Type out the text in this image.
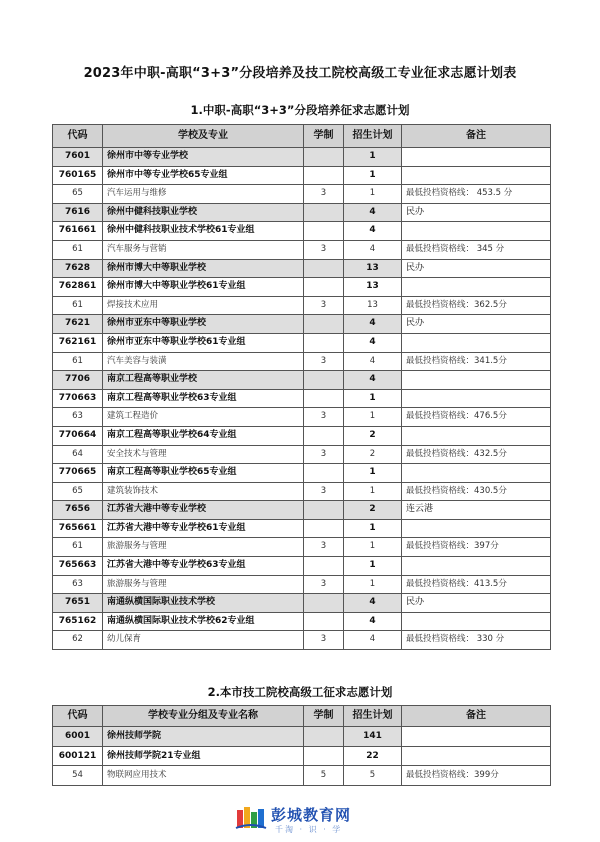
2023年中职-高职“3+3”分段培养及技工院校高级工专业征求志愿计划表
1.中职-高职“3+3”分段培养征求志愿计划
代码	学校及专业	学制	招生计划	备注
7601	徐州市中等专业学校		1	
760165	徐州市中等专业学校65专业组		1	
65	汽车运用与维修	3	1	最低投档资格线： 453.5 分
7616	徐州中健科技职业学校		4	民办
761661	徐州中健科技职业技术学校61专业组		4	
61	汽车服务与营销	3	4	最低投档资格线： 345 分
7628	徐州市博大中等职业学校		13	民办
762861	徐州市博大中等职业学校61专业组		13	
61	焊接技术应用	3	13	最低投档资格线：362.5分
7621	徐州市亚东中等职业学校		4	民办
762161	徐州市亚东中等职业学校61专业组		4	
61	汽车美容与装潢	3	4	最低投档资格线：341.5分
7706	南京工程高等职业学校		4	
770663	南京工程高等职业学校63专业组		1	
63	建筑工程造价	3	1	最低投档资格线：476.5分
770664	南京工程高等职业学校64专业组		2	
64	安全技术与管理	3	2	最低投档资格线：432.5分
770665	南京工程高等职业学校65专业组		1	
65	建筑装饰技术	3	1	最低投档资格线：430.5分
7656	江苏省大港中等专业学校		2	连云港
765661	江苏省大港中等专业学校61专业组		1	
61	旅游服务与管理	3	1	最低投档资格线：397分
765663	江苏省大港中等专业学校63专业组		1	
63	旅游服务与管理	3	1	最低投档资格线：413.5分
7651	南通纵横国际职业技术学校		4	民办
765162	南通纵横国际职业技术学校62专业组		4	
62	幼儿保育	3	4	最低投档资格线： 330 分
2.本市技工院校高级工征求志愿计划
代码	学校专业分组及专业名称	学制	招生计划	备注
6001	徐州技师学院		141	
600121	徐州技师学院21专业组		22	
54	物联网应用技术	5	5	最低投档资格线：399分
彭城教育网
千淘 · 识 · 学
